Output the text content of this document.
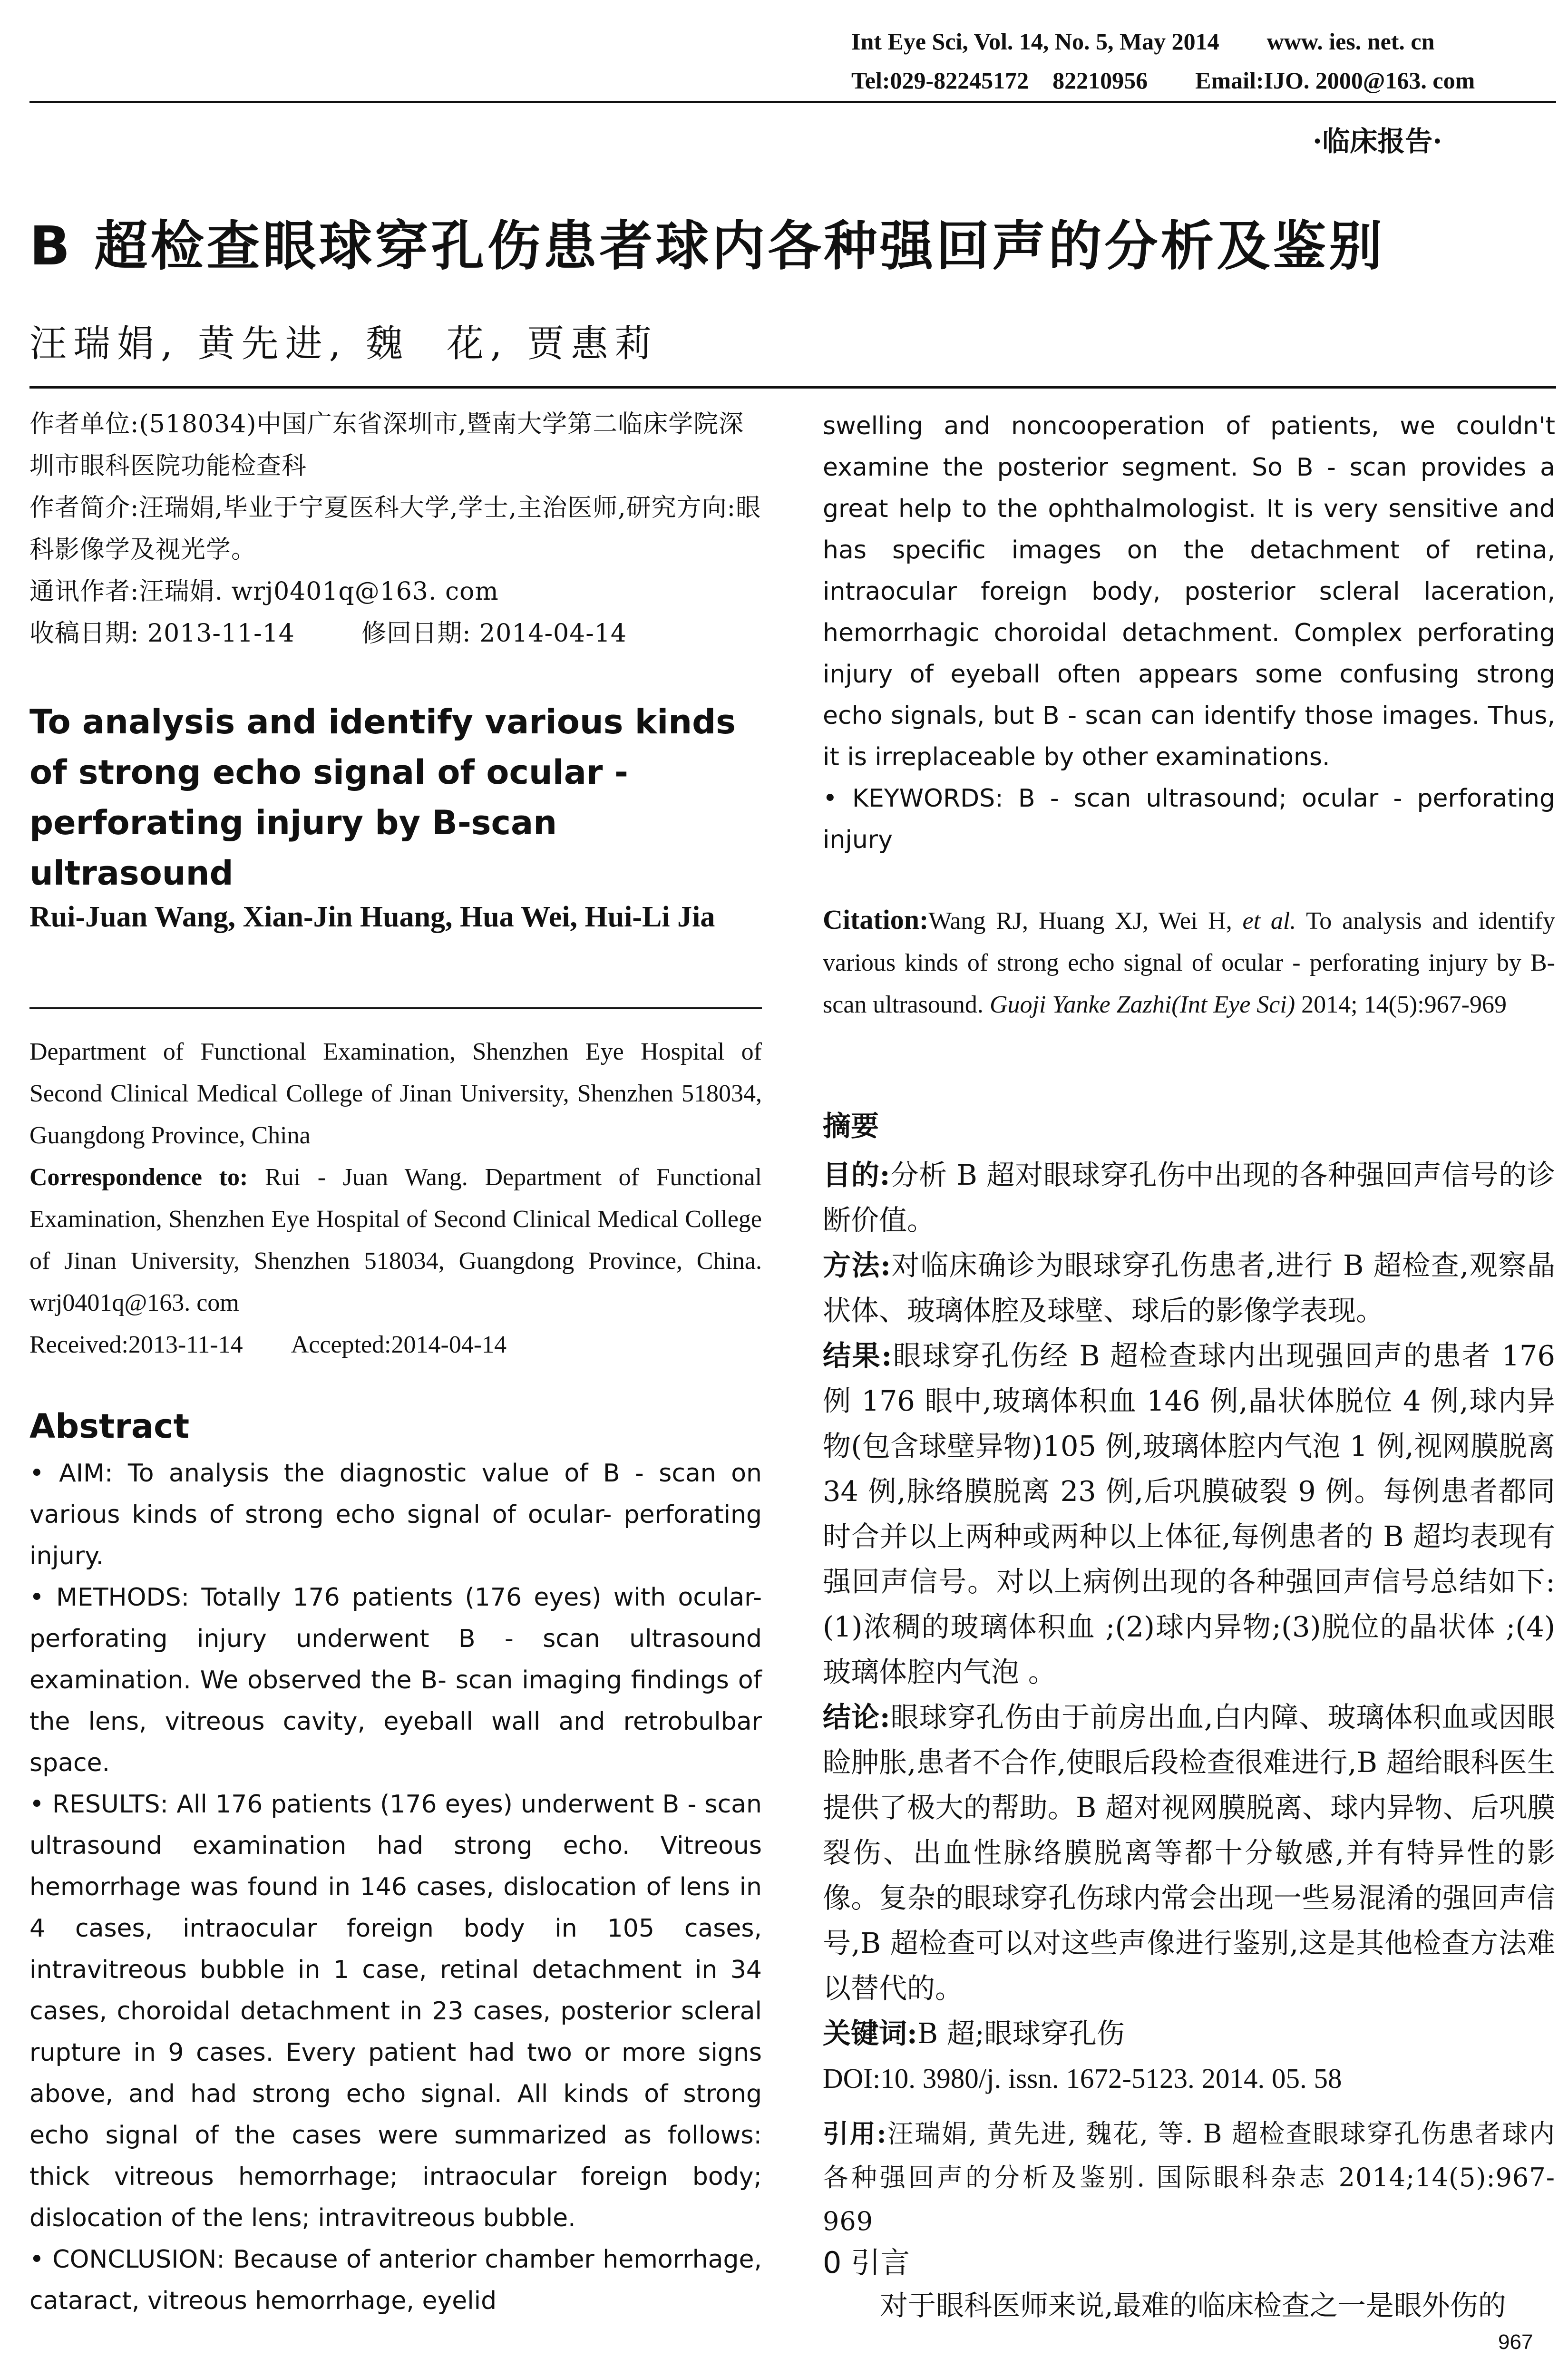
Int Eye Sci, Vol. 14, No. 5, May 2014        www. ies. net. cn
Tel:029-82245172    82210956        Email:IJO. 2000@163. com
·临床报告·
B 超检查眼球穿孔伤患者球内各种强回声的分析及鉴别
汪瑞娟, 黄先进, 魏  花, 贾惠莉

作者单位:(518034)中国广东省深圳市,暨南大学第二临床学院深圳市眼科医院功能检查科

作者简介:汪瑞娟,毕业于宁夏医科大学,学士,主治医师,研究方向:眼科影像学及视光学。

通讯作者:汪瑞娟. wrj0401q@163. com

收稿日期: 2013-11-14        修回日期: 2014-04-14

To analysis and identify various kinds of strong echo signal of ocular - perforating injury by B-scan ultrasound
Rui-Juan Wang, Xian-Jin Huang, Hua Wei, Hui-Li Jia

Department of Functional Examination, Shenzhen Eye Hospital of Second Clinical Medical College of Jinan University, Shenzhen 518034, Guangdong Province, China

Correspondence to: Rui - Juan Wang. Department of Functional Examination, Shenzhen Eye Hospital of Second Clinical Medical College of Jinan University, Shenzhen 518034, Guangdong Province, China. wrj0401q@163. com

Received:2013-11-14        Accepted:2014-04-14

Abstract

• AIM: To analysis the diagnostic value of B - scan on various kinds of strong echo signal of ocular- perforating injury.

• METHODS: Totally 176 patients (176 eyes) with ocular- perforating injury underwent B - scan ultrasound examination. We observed the B- scan imaging findings of the lens, vitreous cavity, eyeball wall and retrobulbar space.

• RESULTS: All 176 patients (176 eyes) underwent B - scan ultrasound examination had strong echo. Vitreous hemorrhage was found in 146 cases, dislocation of lens in 4 cases, intraocular foreign body in 105 cases, intravitreous bubble in 1 case, retinal detachment in 34 cases, choroidal detachment in 23 cases, posterior scleral rupture in 9 cases. Every patient had two or more signs above, and had strong echo signal. All kinds of strong echo signal of the cases were summarized as follows: thick vitreous hemorrhage; intraocular foreign body; dislocation of the lens; intravitreous bubble.

• CONCLUSION: Because of anterior chamber hemorrhage, cataract, vitreous hemorrhage, eyelid

swelling and noncooperation of patients, we couldn't examine the posterior segment. So B - scan provides a great help to the ophthalmologist. It is very sensitive and has specific images on the detachment of retina, intraocular foreign body, posterior scleral laceration, hemorrhagic choroidal detachment. Complex perforating injury of eyeball often appears some confusing strong echo signals, but B - scan can identify those images. Thus, it is irreplaceable by other examinations.

• KEYWORDS: B - scan ultrasound; ocular - perforating injury

Citation:Wang RJ, Huang XJ, Wei H, et al. To analysis and identify various kinds of strong echo signal of ocular - perforating injury by B-scan ultrasound. Guoji Yanke Zazhi(Int Eye Sci) 2014; 14(5):967-969

摘要

目的:分析 B 超对眼球穿孔伤中出现的各种强回声信号的诊断价值。

方法:对临床确诊为眼球穿孔伤患者,进行 B 超检查,观察晶状体、玻璃体腔及球壁、球后的影像学表现。

结果:眼球穿孔伤经 B 超检查球内出现强回声的患者 176 例 176 眼中,玻璃体积血 146 例,晶状体脱位 4 例,球内异物(包含球壁异物)105 例,玻璃体腔内气泡 1 例,视网膜脱离 34 例,脉络膜脱离 23 例,后巩膜破裂 9 例。每例患者都同时合并以上两种或两种以上体征,每例患者的 B 超均表现有强回声信号。对以上病例出现的各种强回声信号总结如下:(1)浓稠的玻璃体积血 ;(2)球内异物;(3)脱位的晶状体 ;(4)玻璃体腔内气泡 。

结论:眼球穿孔伤由于前房出血,白内障、玻璃体积血或因眼睑肿胀,患者不合作,使眼后段检查很难进行,B 超给眼科医生提供了极大的帮助。B 超对视网膜脱离、球内异物、后巩膜裂伤、出血性脉络膜脱离等都十分敏感,并有特异性的影像。复杂的眼球穿孔伤球内常会出现一些易混淆的强回声信号,B 超检查可以对这些声像进行鉴别,这是其他检查方法难以替代的。

关键词:B 超;眼球穿孔伤

DOI:10. 3980/j. issn. 1672-5123. 2014. 05. 58

引用:汪瑞娟, 黄先进, 魏花, 等. B 超检查眼球穿孔伤患者球内各种强回声的分析及鉴别. 国际眼科杂志 2014;14(5):967-969
0 引言
对于眼科医师来说,最难的临床检查之一是眼外伤的
967
